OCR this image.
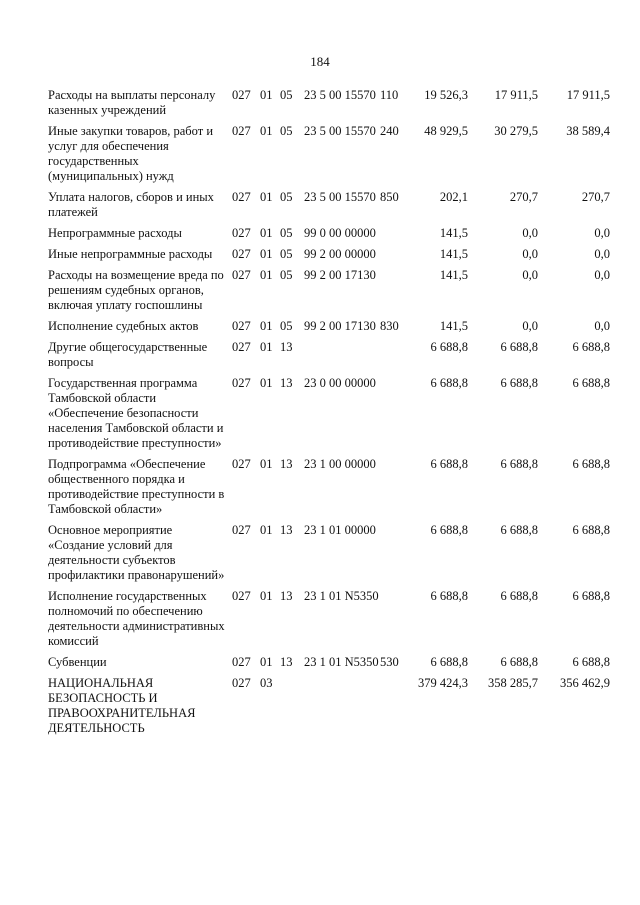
184
Расходы на выплаты персоналу казенных учреждений	027	01	05	23 5 00 15570	110	19 526,3	17 911,5	17 911,5
Иные закупки товаров, работ и услуг для обеспечения государственных (муниципальных) нужд	027	01	05	23 5 00 15570	240	48 929,5	30 279,5	38 589,4
Уплата налогов, сборов и иных платежей	027	01	05	23 5 00 15570	850	202,1	270,7	270,7
Непрограммные расходы	027	01	05	99 0 00 00000		141,5	0,0	0,0
Иные непрограммные расходы	027	01	05	99 2 00 00000		141,5	0,0	0,0
Расходы на возмещение вреда по решениям судебных органов, включая уплату госпошлины	027	01	05	99 2 00 17130		141,5	0,0	0,0
Исполнение судебных актов	027	01	05	99 2 00 17130	830	141,5	0,0	0,0
Другие общегосударственные вопросы	027	01	13			6 688,8	6 688,8	6 688,8
Государственная программа Тамбовской области «Обеспечение безопасности населения Тамбовской области и противодействие преступности»	027	01	13	23 0 00 00000		6 688,8	6 688,8	6 688,8
Подпрограмма «Обеспечение общественного порядка и противодействие преступности в Тамбовской области»	027	01	13	23 1 00 00000		6 688,8	6 688,8	6 688,8
Основное мероприятие «Создание условий для деятельности субъектов профилактики правонарушений»	027	01	13	23 1 01 00000		6 688,8	6 688,8	6 688,8
Исполнение государственных полномочий по обеспечению деятельности административных комиссий	027	01	13	23 1 01 N5350		6 688,8	6 688,8	6 688,8
Субвенции	027	01	13	23 1 01 N5350	530	6 688,8	6 688,8	6 688,8
НАЦИОНАЛЬНАЯ БЕЗОПАСНОСТЬ И ПРАВООХРАНИТЕЛЬНАЯ ДЕЯТЕЛЬНОСТЬ	027	03				379 424,3	358 285,7	356 462,9
